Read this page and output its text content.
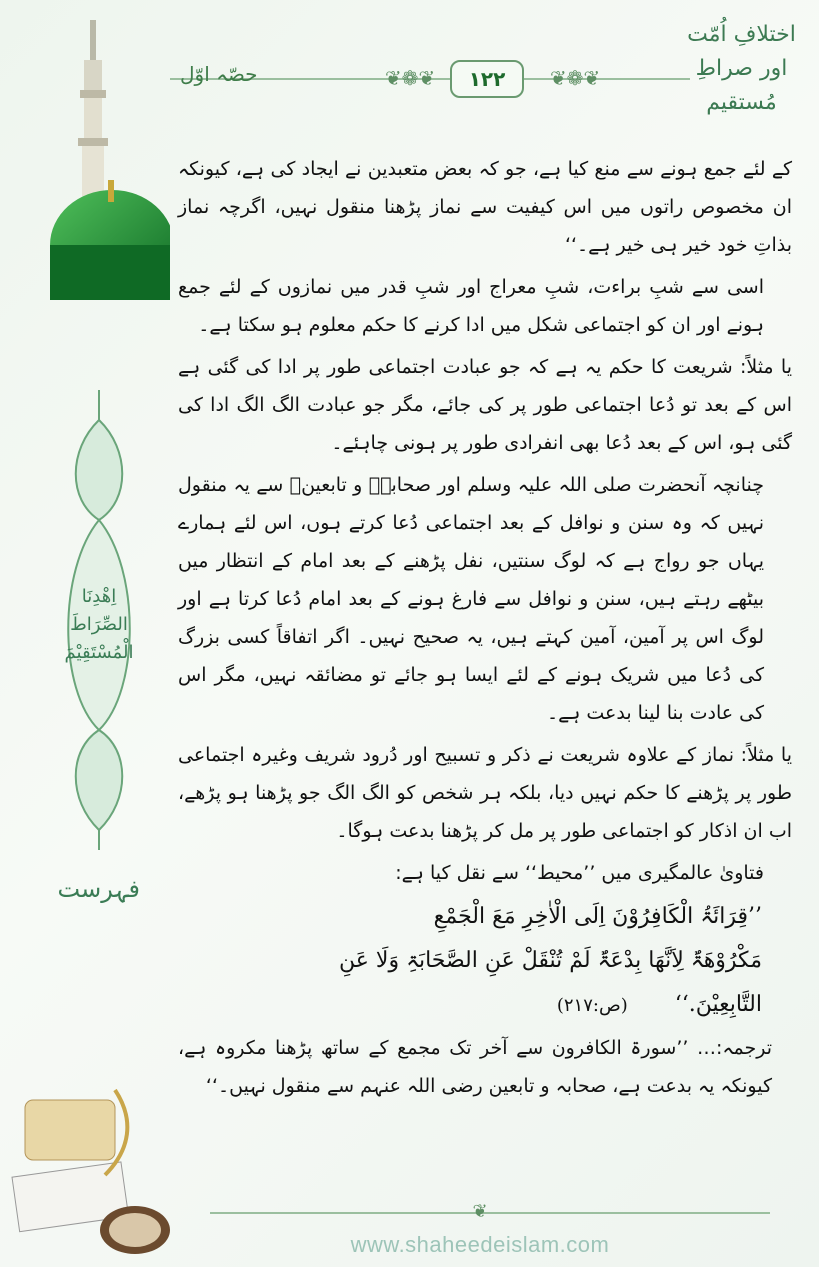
اختلافِ اُمّت
اور صراطِ مُستقیم
❦❁❦	❦❁❦
۱۲۲
حصّہ اوّل
اِھْدِنَا الصِّرَاطَ الْمُسْتَقِیْمَ
فہرست

کے لئے جمع ہونے سے منع کیا ہے، جو کہ بعض متعبدین نے ایجاد کی ہے، کیونکہ ان مخصوص راتوں میں اس کیفیت سے نماز پڑھنا منقول نہیں، اگرچہ نماز بذاتِ خود خیر ہی خیر ہے۔‘‘

اسی سے شبِ براءت، شبِ معراج اور شبِ قدر میں نمازوں کے لئے جمع ہونے اور ان کو اجتماعی شکل میں ادا کرنے کا حکم معلوم ہو سکتا ہے۔

یا مثلاً: شریعت کا حکم یہ ہے کہ جو عبادت اجتماعی طور پر ادا کی گئی ہے اس کے بعد تو دُعا اجتماعی طور پر کی جائے، مگر جو عبادت الگ الگ ادا کی گئی ہو، اس کے بعد دُعا بھی انفرادی طور پر ہونی چاہئے۔

چنانچہ آنحضرت صلی اللہ علیہ وسلم اور صحابہؓ و تابعینؒ سے یہ منقول نہیں کہ وہ سنن و نوافل کے بعد اجتماعی دُعا کرتے ہوں، اس لئے ہمارے یہاں جو رواج ہے کہ لوگ سنتیں، نفل پڑھنے کے بعد امام کے انتظار میں بیٹھے رہتے ہیں، سنن و نوافل سے فارغ ہونے کے بعد امام دُعا کرتا ہے اور لوگ اس پر آمین، آمین کہتے ہیں، یہ صحیح نہیں۔ اگر اتفاقاً کسی بزرگ کی دُعا میں شریک ہونے کے لئے ایسا ہو جائے تو مضائقہ نہیں، مگر اس کی عادت بنا لینا بدعت ہے۔

یا مثلاً: نماز کے علاوہ شریعت نے ذکر و تسبیح اور دُرود شریف وغیرہ اجتماعی طور پر پڑھنے کا حکم نہیں دیا، بلکہ ہر شخص کو الگ الگ جو پڑھنا ہو پڑھے، اب ان اذکار کو اجتماعی طور پر مل کر پڑھنا بدعت ہوگا۔

فتاویٰ عالمگیری میں ’’محیط‘‘ سے نقل کیا ہے:

’’قِرَائَۃُ الْکَافِرُوْنَ اِلَی الْاٰخِرِ مَعَ الْجَمْعِ
مَکْرُوْھَۃٌ لِاَنَّھَا بِدْعَۃٌ لَمْ تُنْقَلْ عَنِ الصَّحَابَۃِ وَلَا عَنِ
التَّابِعِیْنَ.‘‘ (ص:۲۱۷)

ترجمہ:… ’’سورۃ الکافرون سے آخر تک مجمع کے ساتھ پڑھنا مکروہ ہے، کیونکہ یہ بدعت ہے، صحابہ و تابعین رضی اللہ عنہم سے منقول نہیں۔‘‘

❦
www.shaheedeislam.com
